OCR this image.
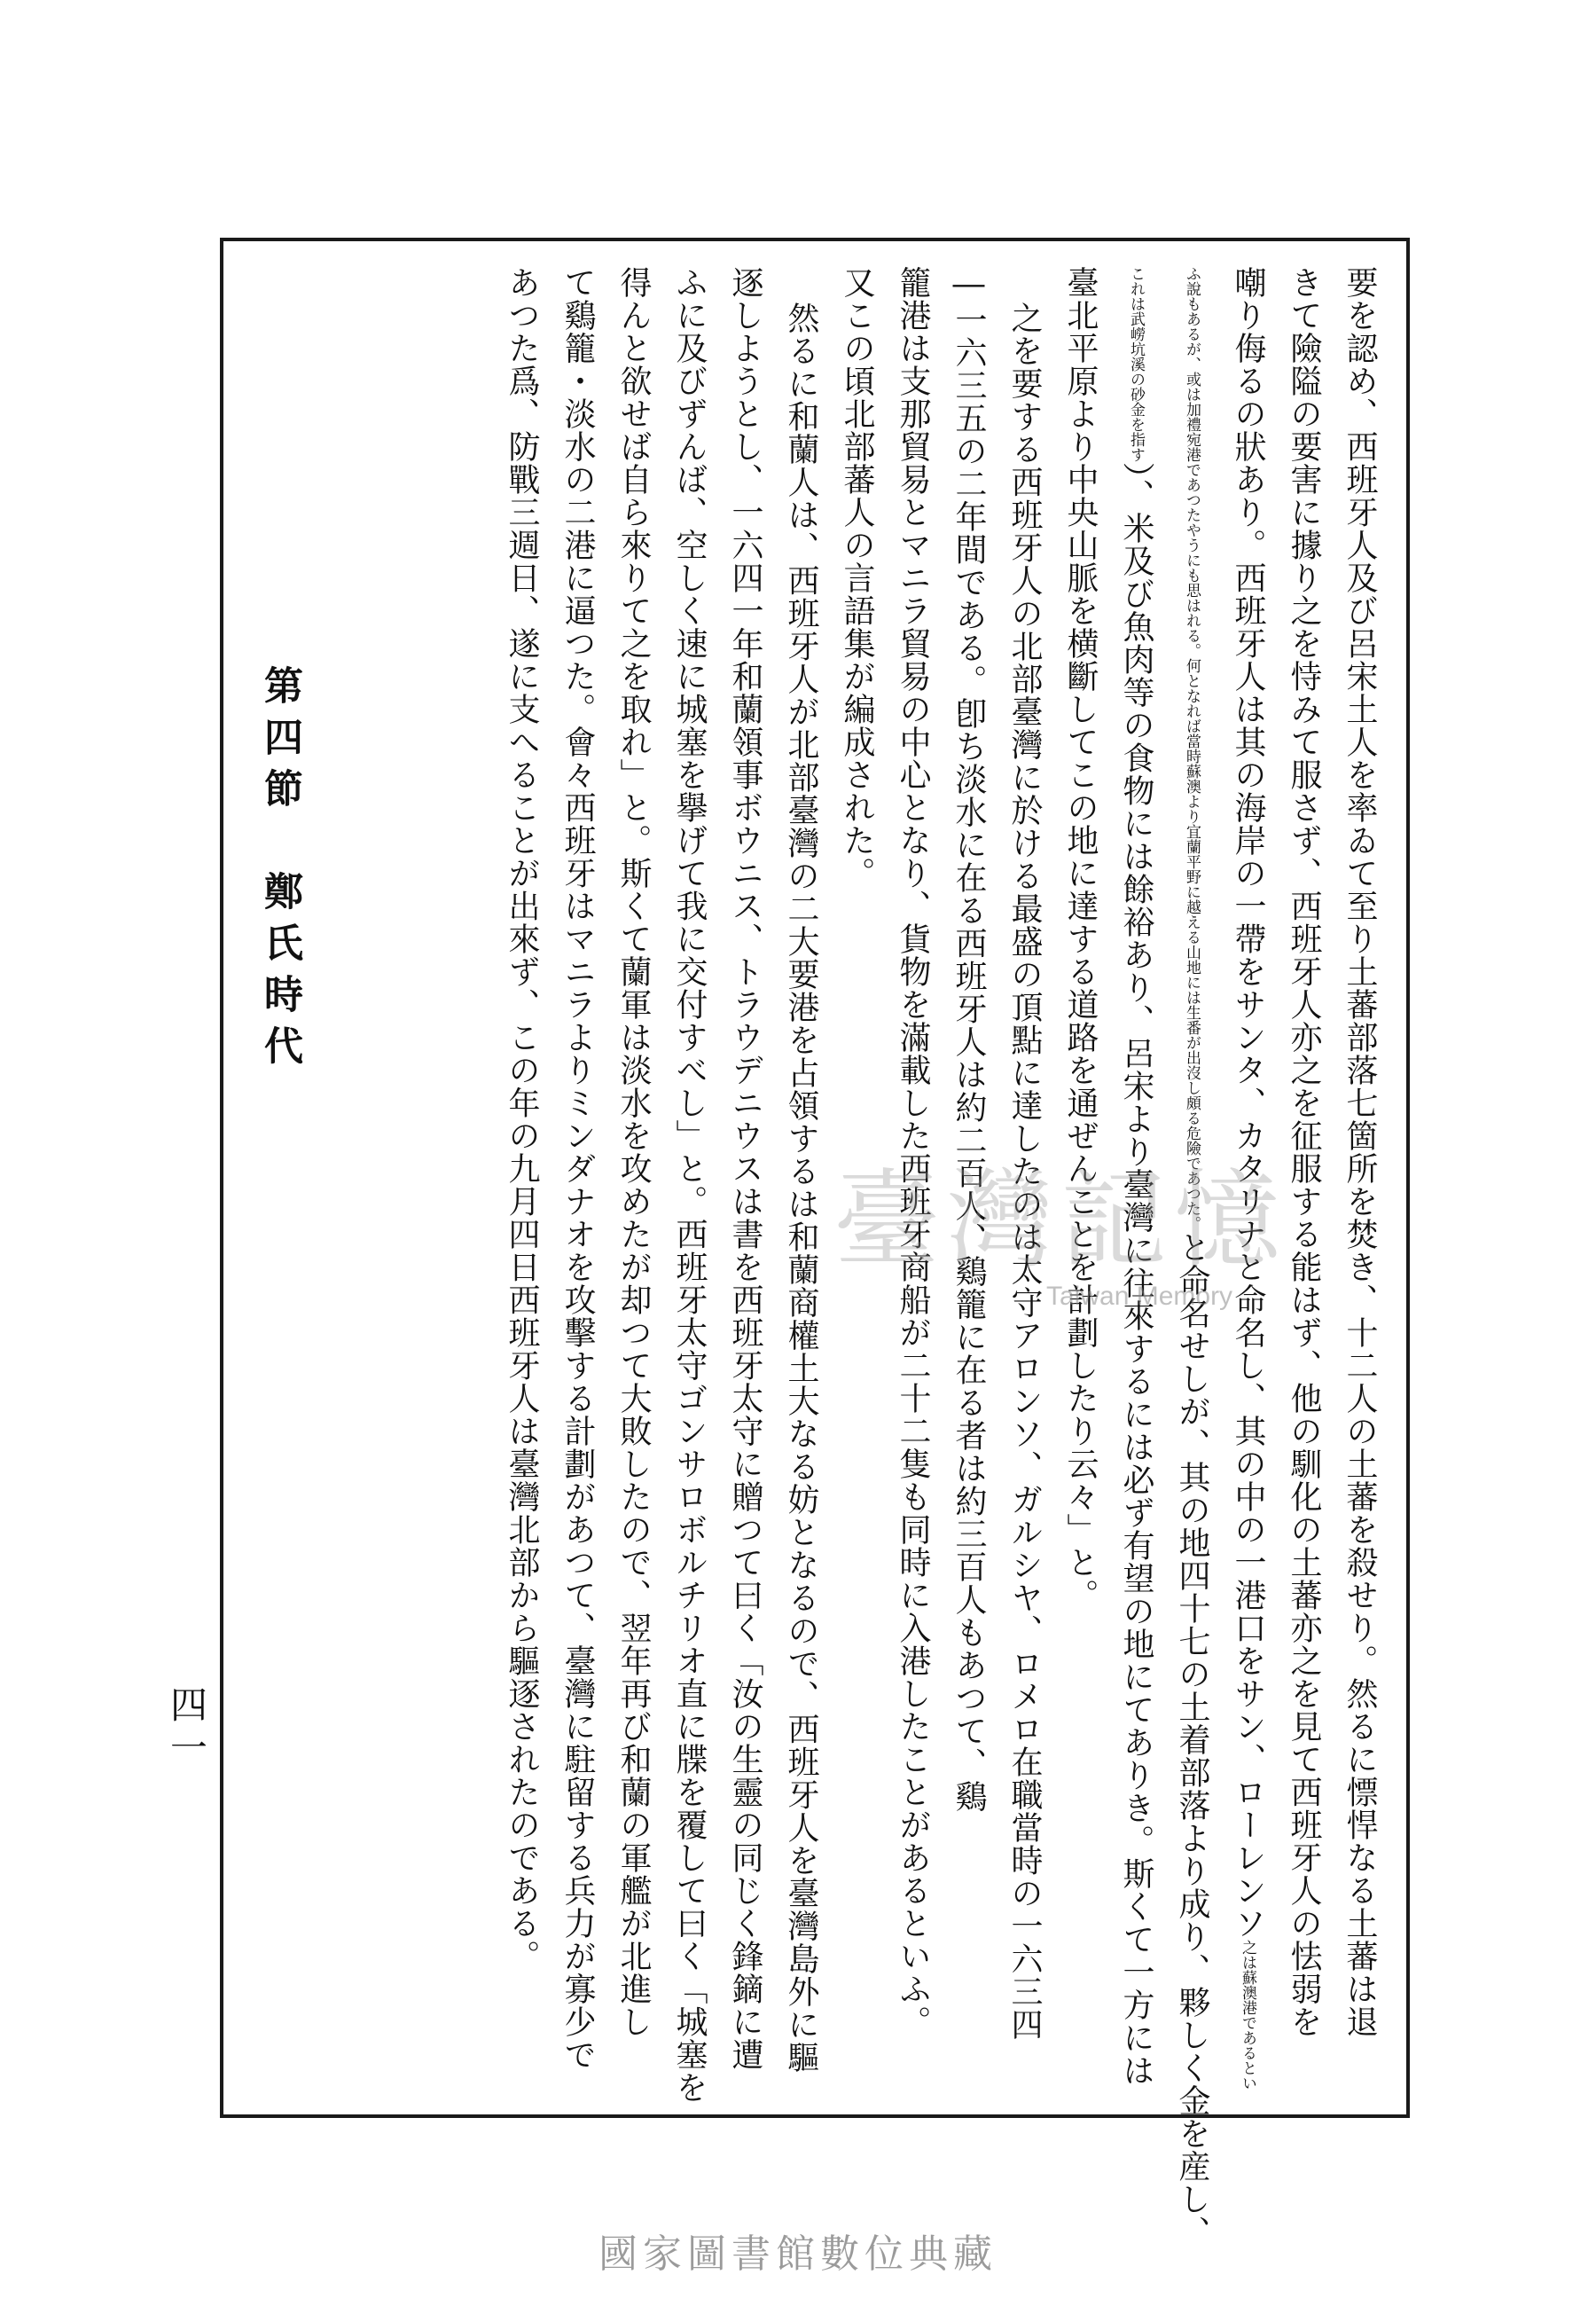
要を認め、西班牙人及び呂宋土人を率ゐて至り土蕃部落七箇所を焚き、十二人の土蕃を殺せり。然るに慓悍なる土蕃は退
きて險隘の要害に據り之を恃みて服さず、西班牙人亦之を征服する能はず、他の馴化の土蕃亦之を見て西班牙人の怯弱を
嘲り侮るの狀あり。西班牙人は其の海岸の一帶をサンタ、カタリナと命名し、其の中の一港口をサン、ローレンソ之は蘇澳港であるとい
ふ說もあるが、或は加禮宛港であつたやうにも思はれる。何となれば當時蘇澳より宜蘭平野に越える山地には生番が出沒し頗る危險であつた。と命名せしが、其の地四十七の土着部落より成り、夥しく金を産し、
これは武嶗坑溪の砂金を指す）、米及び魚肉等の食物には餘裕あり、呂宋より臺灣に往來するには必ず有望の地にてありき。斯くて一方には
臺北平原より中央山脈を横斷してこの地に達する道路を通ぜんことを計劃したり云々」と。
之を要する西班牙人の北部臺灣に於ける最盛の頂點に達したのは太守アロンソ、ガルシヤ、ロメロ在職當時の一六三四
―一六三五の二年間である。卽ち淡水に在る西班牙人は約二百人、鷄籠に在る者は約三百人もあつて、鷄
籠港は支那貿易とマニラ貿易の中心となり、貨物を滿載した西班牙商船が二十二隻も同時に入港したことがあるといふ。
又この頃北部蕃人の言語集が編成された。
然るに和蘭人は、西班牙人が北部臺灣の二大要港を占領するは和蘭商權土大なる妨となるので、西班牙人を臺灣島外に驅
逐しようとし、一六四一年和蘭領事ボウニス、トラウデニウスは書を西班牙太守に贈つて曰く「汝の生靈の同じく鋒鏑に遭
ふに及びずんば、空しく速に城塞を擧げて我に交付すべし」と。西班牙太守ゴンサロボルチリオ直に牒を覆して曰く「城塞を
得んと欲せば自ら來りて之を取れ」と。斯くて蘭軍は淡水を攻めたが却つて大敗したので、翌年再び和蘭の軍艦が北進し
て鷄籠・淡水の二港に逼つた。會々西班牙はマニラよりミンダナオを攻擊する計劃があつて、臺灣に駐留する兵力が寡少で
あつた爲、防戰三週日、遂に支へることが出來ず、この年の九月四日西班牙人は臺灣北部から驅逐されたのである。
第四節　鄭氏時代
四一
臺灣記憶
Taiwan Memory
國家圖書館數位典藏
